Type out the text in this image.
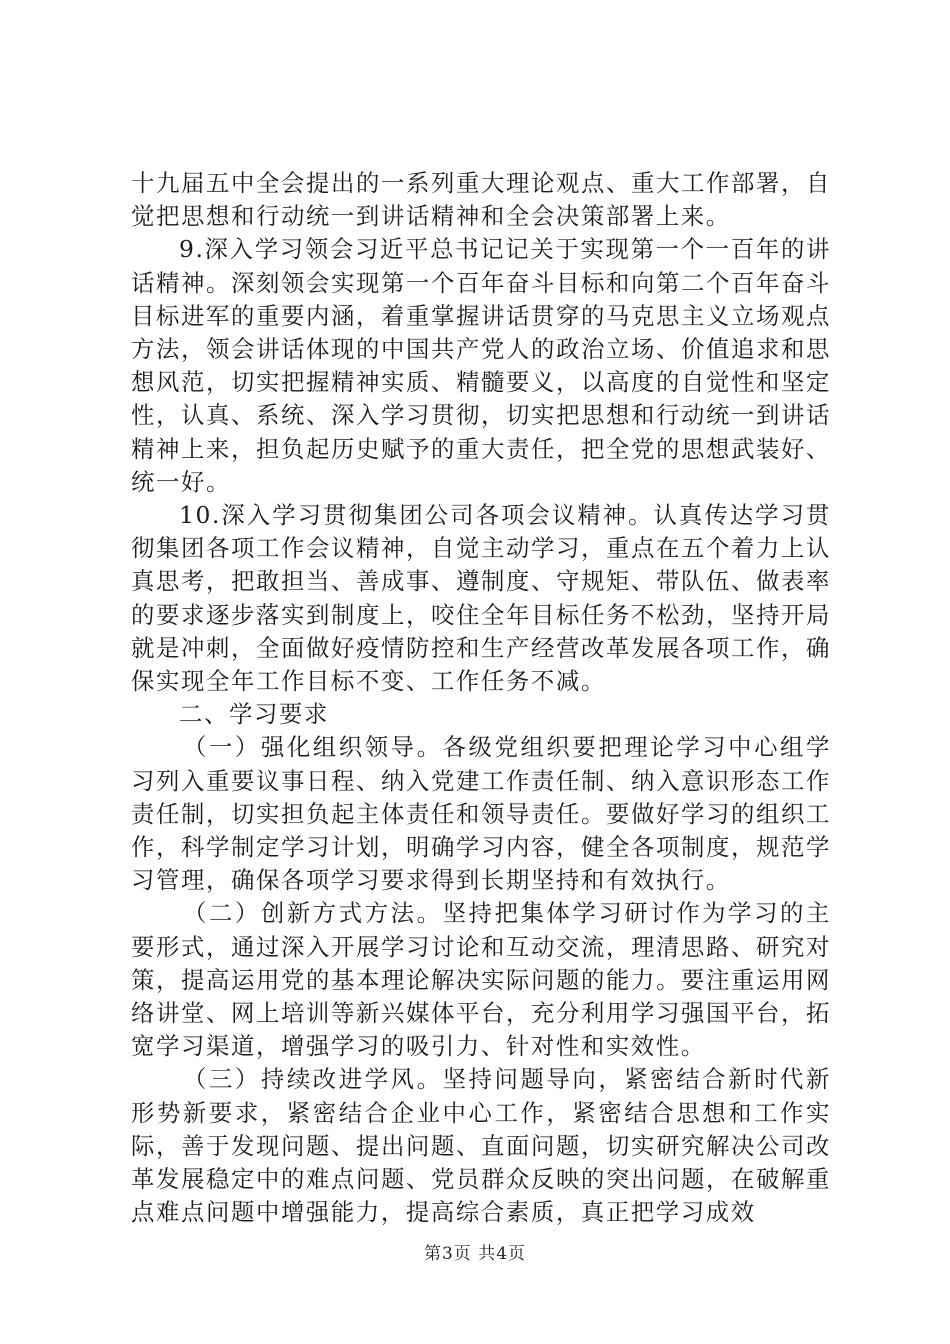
十九届五中全会提出的一系列重大理论观点、重大工作部署，自觉把思想和行动统一到讲话精神和全会决策部署上来。

9.深入学习领会习近平总书记记关于实现第一个一百年的讲话精神。深刻领会实现第一个百年奋斗目标和向第二个百年奋斗目标进军的重要内涵，着重掌握讲话贯穿的马克思主义立场观点方法，领会讲话体现的中国共产党人的政治立场、价值追求和思想风范，切实把握精神实质、精髓要义，以高度的自觉性和坚定性，认真、系统、深入学习贯彻，切实把思想和行动统一到讲话精神上来，担负起历史赋予的重大责任，把全党的思想武装好、统一好。

10.深入学习贯彻集团公司各项会议精神。认真传达学习贯彻集团各项工作会议精神，自觉主动学习，重点在五个着力上认真思考，把敢担当、善成事、遵制度、守规矩、带队伍、做表率的要求逐步落实到制度上，咬住全年目标任务不松劲，坚持开局就是冲刺，全面做好疫情防控和生产经营改革发展各项工作，确保实现全年工作目标不变、工作任务不减。

二、学习要求

（一）强化组织领导。各级党组织要把理论学习中心组学习列入重要议事日程、纳入党建工作责任制、纳入意识形态工作责任制，切实担负起主体责任和领导责任。要做好学习的组织工作，科学制定学习计划，明确学习内容，健全各项制度，规范学习管理，确保各项学习要求得到长期坚持和有效执行。

（二）创新方式方法。坚持把集体学习研讨作为学习的主要形式，通过深入开展学习讨论和互动交流，理清思路、研究对策，提高运用党的基本理论解决实际问题的能力。要注重运用网络讲堂、网上培训等新兴媒体平台，充分利用学习强国平台，拓宽学习渠道，增强学习的吸引力、针对性和实效性。

（三）持续改进学风。坚持问题导向，紧密结合新时代新形势新要求，紧密结合企业中心工作，紧密结合思想和工作实际，善于发现问题、提出问题、直面问题，切实研究解决公司改革发展稳定中的难点问题、党员群众反映的突出问题，在破解重点难点问题中增强能力，提高综合素质，真正把学习成效

第3页 共4页
